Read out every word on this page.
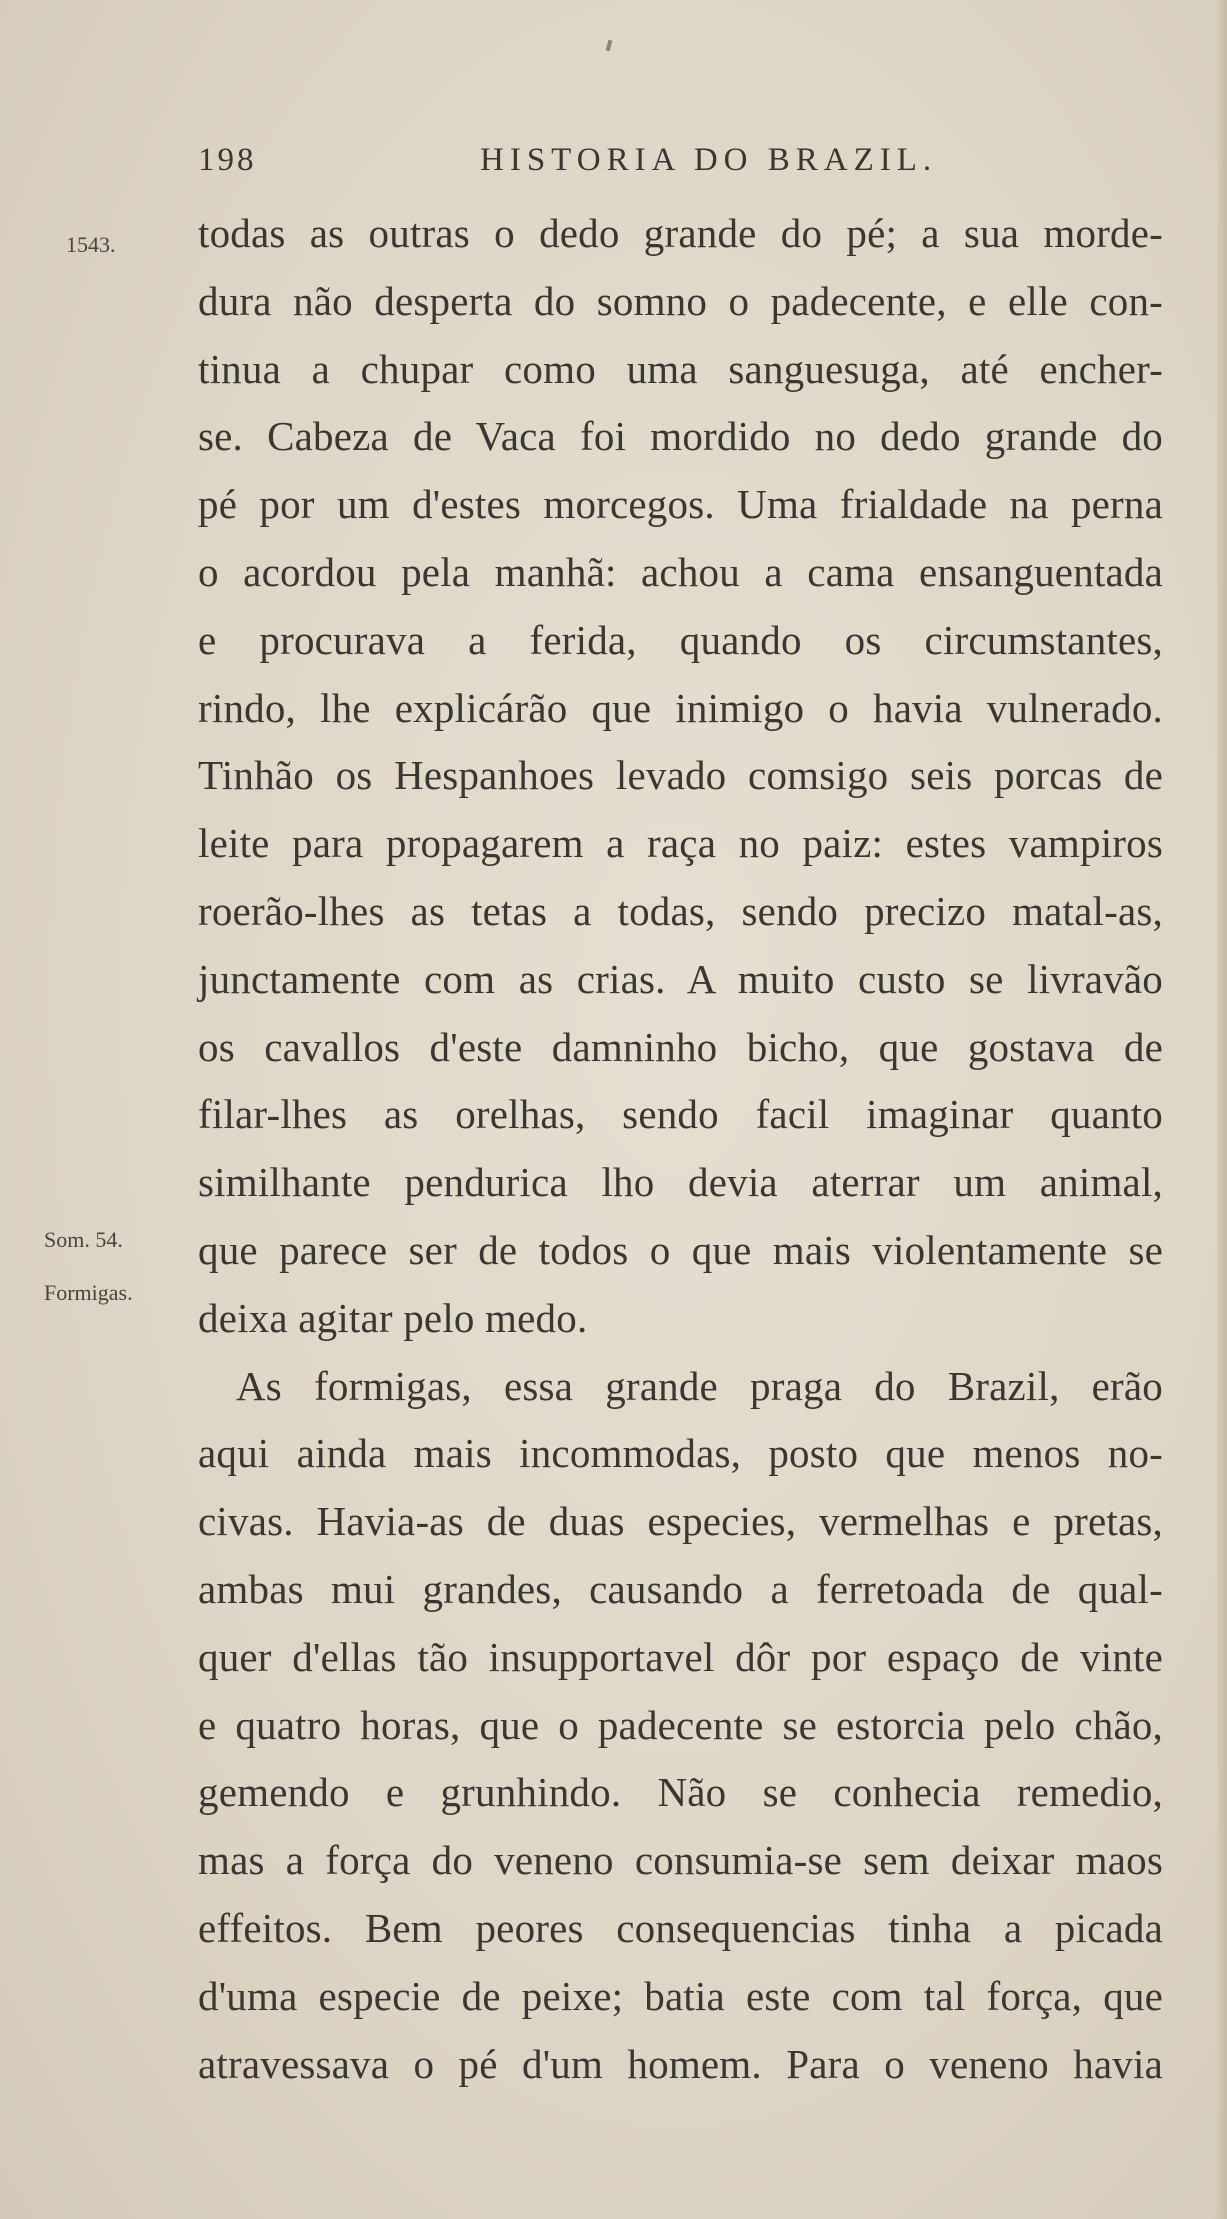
198	HISTORIA DO BRAZIL.
1543.
Som. 54.
Formigas.
todas as outras o dedo grande do pé; a sua morde-
dura não desperta do somno o padecente, e elle con-
tinua a chupar como uma sanguesuga, até encher-
se. Cabeza de Vaca foi mordido no dedo grande do
pé por um d'estes morcegos. Uma frialdade na perna
o acordou pela manhã: achou a cama ensanguentada
e procurava a ferida, quando os circumstantes,
rindo, lhe explicárão que inimigo o havia vulnerado.
Tinhão os Hespanhoes levado comsigo seis porcas de
leite para propagarem a raça no paiz: estes vampiros
roerão-lhes as tetas a todas, sendo precizo matal-as,
junctamente com as crias. A muito custo se livravão
os cavallos d'este damninho bicho, que gostava de
filar-lhes as orelhas, sendo facil imaginar quanto
similhante pendurica lho devia aterrar um animal,
que parece ser de todos o que mais violentamente se
deixa agitar pelo medo.
As formigas, essa grande praga do Brazil, erão
aqui ainda mais incommodas, posto que menos no-
civas. Havia-as de duas especies, vermelhas e pretas,
ambas mui grandes, causando a ferretoada de qual-
quer d'ellas tão insupportavel dôr por espaço de vinte
e quatro horas, que o padecente se estorcia pelo chão,
gemendo e grunhindo. Não se conhecia remedio,
mas a força do veneno consumia-se sem deixar maos
effeitos. Bem peores consequencias tinha a picada
d'uma especie de peixe; batia este com tal força, que
atravessava o pé d'um homem. Para o veneno havia
